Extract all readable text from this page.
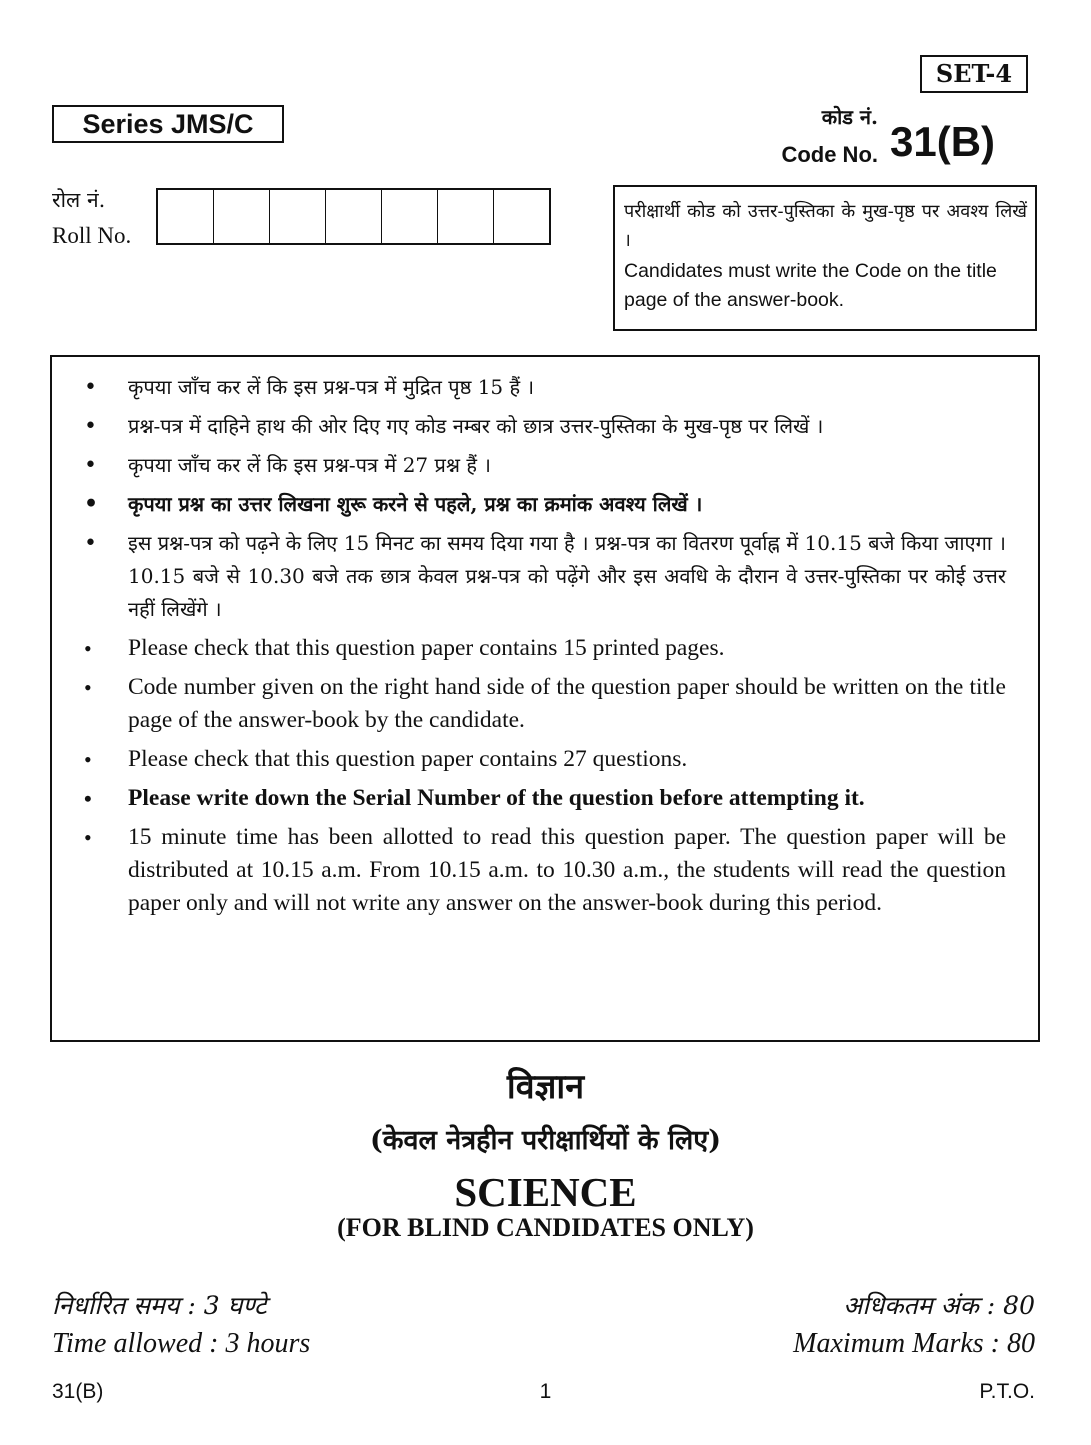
SET-4
Series JMS/C	कोड नं.
Code No. 31(B)
रोल नं.
Roll No.
परीक्षार्थी कोड को उत्तर-पुस्तिका के मुख-पृष्ठ पर अवश्य लिखें ।
Candidates must write the Code on the title page of the answer-book.
• कृपया जाँच कर लें कि इस प्रश्न-पत्र में मुद्रित पृष्ठ 15 हैं ।
• प्रश्न-पत्र में दाहिने हाथ की ओर दिए गए कोड नम्बर को छात्र उत्तर-पुस्तिका के मुख-पृष्ठ पर लिखें ।
• कृपया जाँच कर लें कि इस प्रश्न-पत्र में 27 प्रश्न हैं ।
• कृपया प्रश्न का उत्तर लिखना शुरू करने से पहले, प्रश्न का क्रमांक अवश्य लिखें ।
• इस प्रश्न-पत्र को पढ़ने के लिए 15 मिनट का समय दिया गया है । प्रश्न-पत्र का वितरण पूर्वाह्न में 10.15 बजे किया जाएगा । 10.15 बजे से 10.30 बजे तक छात्र केवल प्रश्न-पत्र को पढ़ेंगे और इस अवधि के दौरान वे उत्तर-पुस्तिका पर कोई उत्तर नहीं लिखेंगे ।
• Please check that this question paper contains 15 printed pages.
• Code number given on the right hand side of the question paper should be written on the title page of the answer-book by the candidate.
• Please check that this question paper contains 27 questions.
• Please write down the Serial Number of the question before attempting it.
• 15 minute time has been allotted to read this question paper. The question paper will be distributed at 10.15 a.m. From 10.15 a.m. to 10.30 a.m., the students will read the question paper only and will not write any answer on the answer-book during this period.
विज्ञान
(केवल नेत्रहीन परीक्षार्थियों के लिए)
SCIENCE
(FOR BLIND CANDIDATES ONLY)
निर्धारित समय : 3 घण्टे
Time allowed : 3 hours
अधिकतम अंक : 80
Maximum Marks : 80
31(B)	1	P.T.O.
